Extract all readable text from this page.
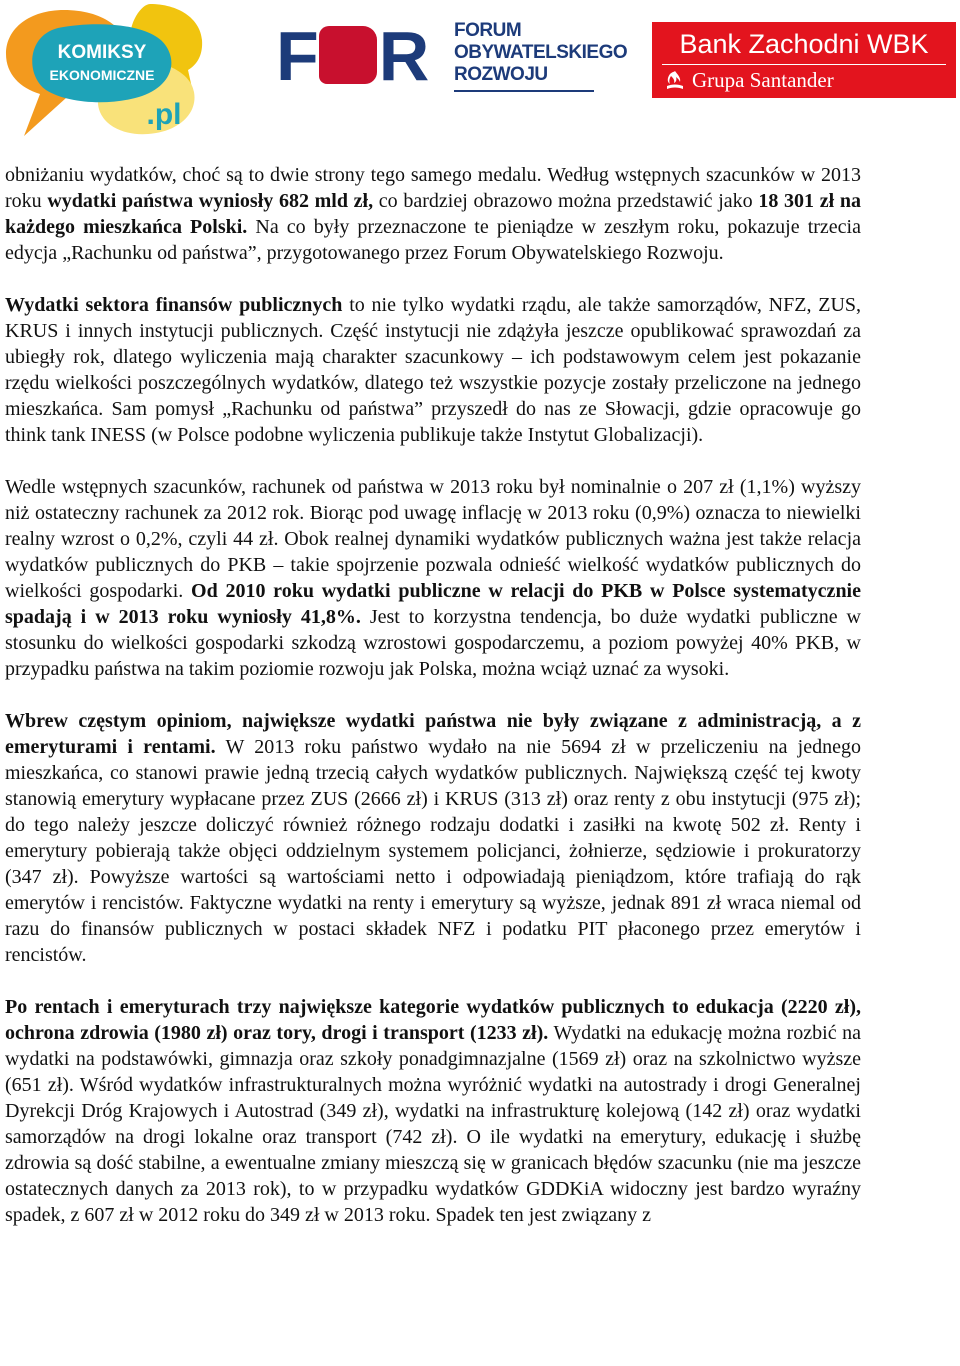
KOMIKSY
EKONOMICZNE
.pl
F R FORUM
OBYWATELSKIEGO
ROZWOJU
Bank Zachodni WBK
Grupa Santander

obniżaniu wydatków, choć są to dwie strony tego samego medalu. Według wstępnych szacunków w 2013 roku wydatki państwa wyniosły 682 mld zł, co bardziej obrazowo można przedstawić jako 18 301 zł na każdego mieszkańca Polski. Na co były przeznaczone te pieniądze w zeszłym roku, pokazuje trzecia edycja „Rachunku od państwa”, przygotowanego przez Forum Obywatelskiego Rozwoju.

Wydatki sektora finansów publicznych to nie tylko wydatki rządu, ale także samorządów, NFZ, ZUS, KRUS i innych instytucji publicznych. Część instytucji nie zdążyła jeszcze opublikować sprawozdań za ubiegły rok, dlatego wyliczenia mają charakter szacunkowy – ich podstawowym celem jest pokazanie rzędu wielkości poszczególnych wydatków, dlatego też wszystkie pozycje zostały przeliczone na jednego mieszkańca. Sam pomysł „Rachunku od państwa” przyszedł do nas ze Słowacji, gdzie opracowuje go think tank INESS (w Polsce podobne wyliczenia publikuje także Instytut Globalizacji).

Wedle wstępnych szacunków, rachunek od państwa w 2013 roku był nominalnie o 207 zł (1,1%) wyższy niż ostateczny rachunek za 2012 rok. Biorąc pod uwagę inflację w 2013 roku (0,9%) oznacza to niewielki realny wzrost o 0,2%, czyli 44 zł. Obok realnej dynamiki wydatków publicznych ważna jest także relacja wydatków publicznych do PKB – takie spojrzenie pozwala odnieść wielkość wydatków publicznych do wielkości gospodarki. Od 2010 roku wydatki publiczne w relacji do PKB w Polsce systematycznie spadają i w 2013 roku wyniosły 41,8%. Jest to korzystna tendencja, bo duże wydatki publiczne w stosunku do wielkości gospodarki szkodzą wzrostowi gospodarczemu, a poziom powyżej 40% PKB, w przypadku państwa na takim poziomie rozwoju jak Polska, można wciąż uznać za wysoki.

Wbrew częstym opiniom, największe wydatki państwa nie były związane z administracją, a z emeryturami i rentami. W 2013 roku państwo wydało na nie 5694 zł w przeliczeniu na jednego mieszkańca, co stanowi prawie jedną trzecią całych wydatków publicznych. Największą część tej kwoty stanowią emerytury wypłacane przez ZUS (2666 zł) i KRUS (313 zł) oraz renty z obu instytucji (975 zł); do tego należy jeszcze doliczyć również różnego rodzaju dodatki i zasiłki na kwotę 502 zł. Renty i emerytury pobierają także objęci oddzielnym systemem policjanci, żołnierze, sędziowie i prokuratorzy (347 zł). Powyższe wartości są wartościami netto i odpowiadają pieniądzom, które trafiają do rąk emerytów i rencistów. Faktyczne wydatki na renty i emerytury są wyższe, jednak 891 zł wraca niemal od razu do finansów publicznych w postaci składek NFZ i podatku PIT płaconego przez emerytów i rencistów.

Po rentach i emeryturach trzy największe kategorie wydatków publicznych to edukacja (2220 zł), ochrona zdrowia (1980 zł) oraz tory, drogi i transport (1233 zł). Wydatki na edukację można rozbić na wydatki na podstawówki, gimnazja oraz szkoły ponadgimnazjalne (1569 zł) oraz na szkolnictwo wyższe (651 zł). Wśród wydatków infrastrukturalnych można wyróżnić wydatki na autostrady i drogi Generalnej Dyrekcji Dróg Krajowych i Autostrad (349 zł), wydatki na infrastrukturę kolejową (142 zł) oraz wydatki samorządów na drogi lokalne oraz transport (742 zł). O ile wydatki na emerytury, edukację i służbę zdrowia są dość stabilne, a ewentualne zmiany mieszczą się w granicach błędów szacunku (nie ma jeszcze ostatecznych danych za 2013 rok), to w przypadku wydatków GDDKiA widoczny jest bardzo wyraźny spadek, z 607 zł w 2012 roku do 349 zł w 2013 roku. Spadek ten jest związany z
